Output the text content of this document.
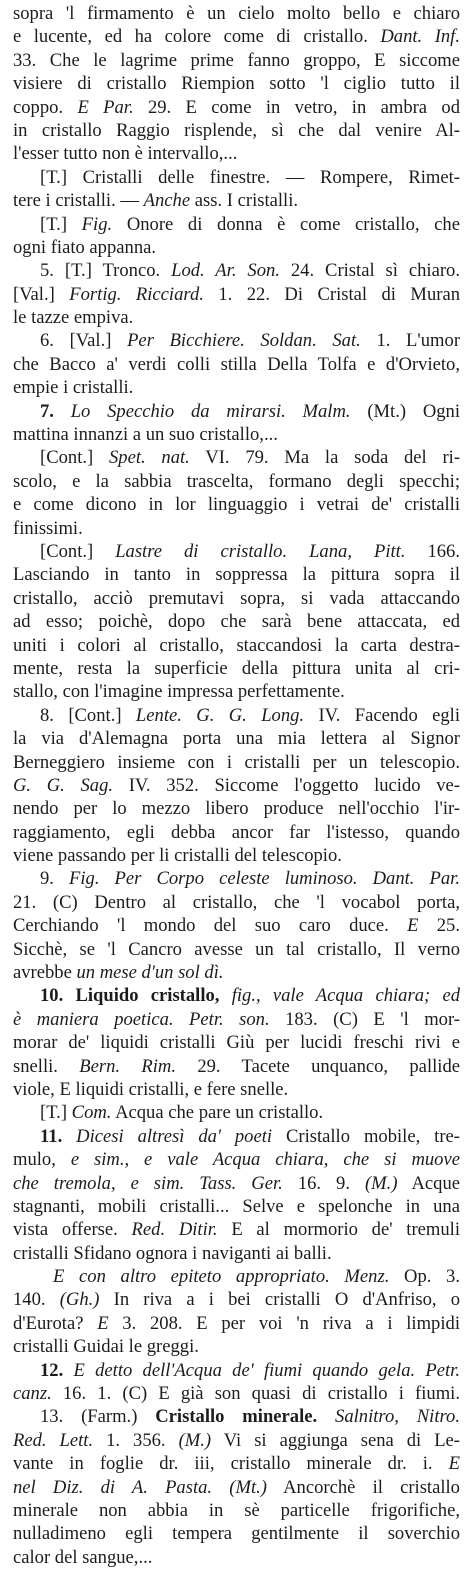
sopra 'l firmamento è un cielo molto bello e chiaro
e lucente, ed ha colore come di cristallo. Dant. Inf.
33. Che le lagrime prime fanno groppo, E siccome
visiere di cristallo Riempion sotto 'l ciglio tutto il
coppo. E Par. 29. E come in vetro, in ambra od
in cristallo Raggio risplende, sì che dal venire Al-
l'esser tutto non è intervallo,...
[T.] Cristalli delle finestre. — Rompere, Rimet-
tere i cristalli. — Anche ass. I cristalli.
[T.] Fig. Onore di donna è come cristallo, che
ogni fiato appanna.
5. [T.] Tronco. Lod. Ar. Son. 24. Cristal sì chiaro.
[Val.] Fortig. Ricciard. 1. 22. Di Cristal di Muran
le tazze empiva.
6. [Val.] Per Bicchiere. Soldan. Sat. 1. L'umor
che Bacco a' verdi colli stilla Della Tolfa e d'Orvieto,
empie i cristalli.
7. Lo Specchio da mirarsi. Malm. (Mt.) Ogni
mattina innanzi a un suo cristallo,...
[Cont.] Spet. nat. VI. 79. Ma la soda del ri-
scolo, e la sabbia trascelta, formano degli specchi;
e come dicono in lor linguaggio i vetrai de' cristalli
finissimi.
[Cont.] Lastre di cristallo. Lana, Pitt. 166.
Lasciando in tanto in soppressa la pittura sopra il
cristallo, acciò premutavi sopra, si vada attaccando
ad esso; poichè, dopo che sarà bene attaccata, ed
uniti i colori al cristallo, staccandosi la carta destra-
mente, resta la superficie della pittura unita al cri-
stallo, con l'imagine impressa perfettamente.
8. [Cont.] Lente. G. G. Long. IV. Facendo egli
la via d'Alemagna porta una mia lettera al Signor
Berneggiero insieme con i cristalli per un telescopio.
G. G. Sag. IV. 352. Siccome l'oggetto lucido ve-
nendo per lo mezzo libero produce nell'occhio l'ir-
raggiamento, egli debba ancor far l'istesso, quando
viene passando per li cristalli del telescopio.
9. Fig. Per Corpo celeste luminoso. Dant. Par.
21. (C) Dentro al cristallo, che 'l vocabol porta,
Cerchiando 'l mondo del suo caro duce. E 25.
Sicchè, se 'l Cancro avesse un tal cristallo, Il verno
avrebbe un mese d'un sol dì.
10. Liquido cristallo, fig., vale Acqua chiara; ed
è maniera poetica. Petr. son. 183. (C) E 'l mor-
morar de' liquidi cristalli Giù per lucidi freschi rivi e
snelli. Bern. Rim. 29. Tacete unquanco, pallide
viole, E liquidi cristalli, e fere snelle.
[T.] Com. Acqua che pare un cristallo.
11. Dicesi altresì da' poeti Cristallo mobile, tre-
mulo, e sim., e vale Acqua chiara, che si muove
che tremola, e sim. Tass. Ger. 16. 9. (M.) Acque
stagnanti, mobili cristalli... Selve e spelonche in una
vista offerse. Red. Ditir. E al mormorio de' tremuli
cristalli Sfidano ognora i naviganti ai balli.
E con altro epiteto appropriato. Menz. Op. 3.
140. (Gh.) In riva a i bei cristalli O d'Anfriso, o
d'Eurota? E 3. 208. E per voi 'n riva a i limpidi
cristalli Guidai le greggi.
12. E detto dell'Acqua de' fiumi quando gela. Petr.
canz. 16. 1. (C) E già son quasi di cristallo i fiumi.
13. (Farm.) Cristallo minerale. Salnitro, Nitro.
Red. Lett. 1. 356. (M.) Vi si aggiunga sena di Le-
vante in foglie dr. iii, cristallo minerale dr. i. E
nel Diz. di A. Pasta. (Mt.) Ancorchè il cristallo
minerale non abbia in sè particelle frigorifiche,
nulladimeno egli tempera gentilmente il soverchio
calor del sangue,...
